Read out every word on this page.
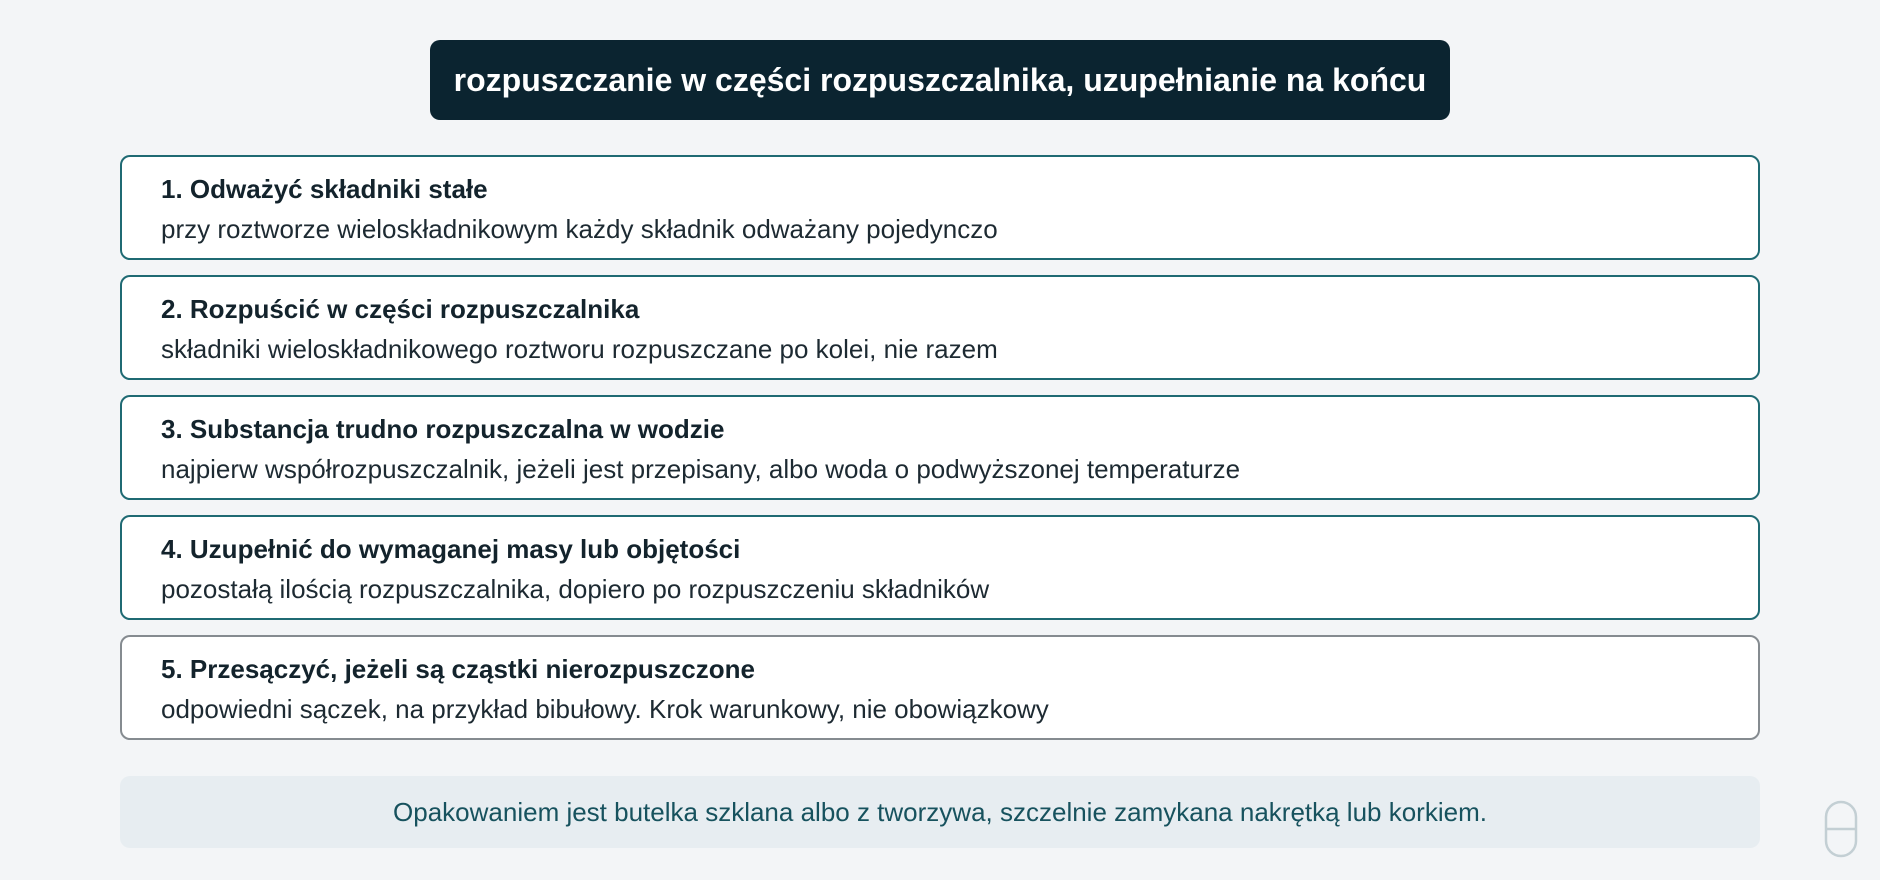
rozpuszczanie w części rozpuszczalnika, uzupełnianie na końcu
1. Odważyć składniki stałe
przy roztworze wieloskładnikowym każdy składnik odważany pojedynczo
2. Rozpuścić w części rozpuszczalnika
składniki wieloskładnikowego roztworu rozpuszczane po kolei, nie razem
3. Substancja trudno rozpuszczalna w wodzie
najpierw współrozpuszczalnik, jeżeli jest przepisany, albo woda o podwyższonej temperaturze
4. Uzupełnić do wymaganej masy lub objętości
pozostałą ilością rozpuszczalnika, dopiero po rozpuszczeniu składników
5. Przesączyć, jeżeli są cząstki nierozpuszczone
odpowiedni sączek, na przykład bibułowy. Krok warunkowy, nie obowiązkowy
Opakowaniem jest butelka szklana albo z tworzywa, szczelnie zamykana nakrętką lub korkiem.
